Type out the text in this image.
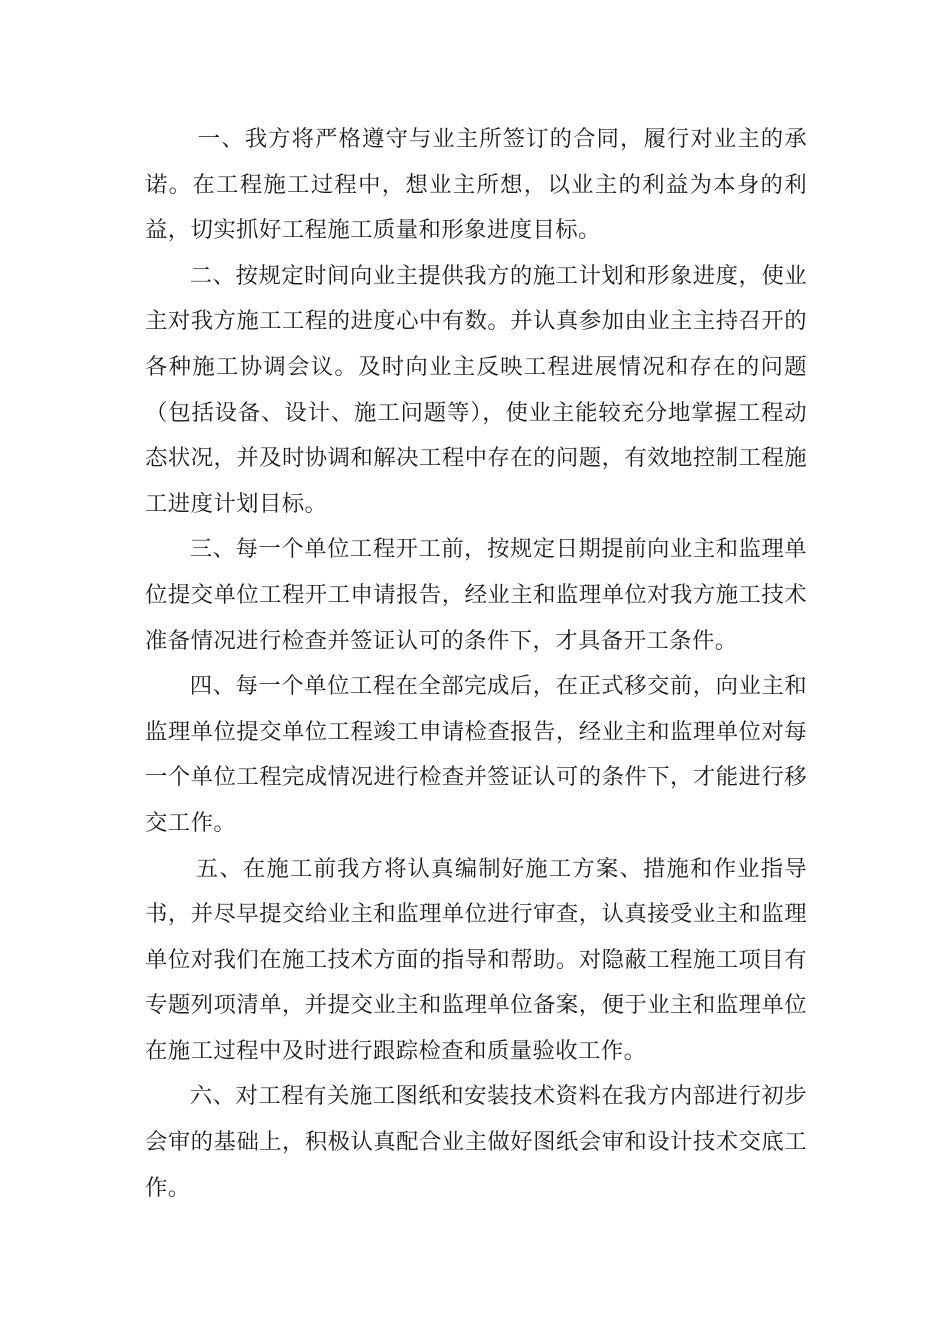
一、我方将严格遵守与业主所签订的合同，履行对业主的承诺。在工程施工过程中，想业主所想，以业主的利益为本身的利益，切实抓好工程施工质量和形象进度目标。

二、按规定时间向业主提供我方的施工计划和形象进度，使业主对我方施工工程的进度心中有数。并认真参加由业主主持召开的各种施工协调会议。及时向业主反映工程进展情况和存在的问题（包括设备、设计、施工问题等），使业主能较充分地掌握工程动态状况，并及时协调和解决工程中存在的问题，有效地控制工程施工进度计划目标。

三、每一个单位工程开工前，按规定日期提前向业主和监理单位提交单位工程开工申请报告，经业主和监理单位对我方施工技术准备情况进行检查并签证认可的条件下，才具备开工条件。

四、每一个单位工程在全部完成后，在正式移交前，向业主和监理单位提交单位工程竣工申请检查报告，经业主和监理单位对每一个单位工程完成情况进行检查并签证认可的条件下，才能进行移交工作。

五、在施工前我方将认真编制好施工方案、措施和作业指导书，并尽早提交给业主和监理单位进行审查，认真接受业主和监理单位对我们在施工技术方面的指导和帮助。对隐蔽工程施工项目有专题列项清单，并提交业主和监理单位备案，便于业主和监理单位在施工过程中及时进行跟踪检查和质量验收工作。

六、对工程有关施工图纸和安装技术资料在我方内部进行初步会审的基础上，积极认真配合业主做好图纸会审和设计技术交底工作。
